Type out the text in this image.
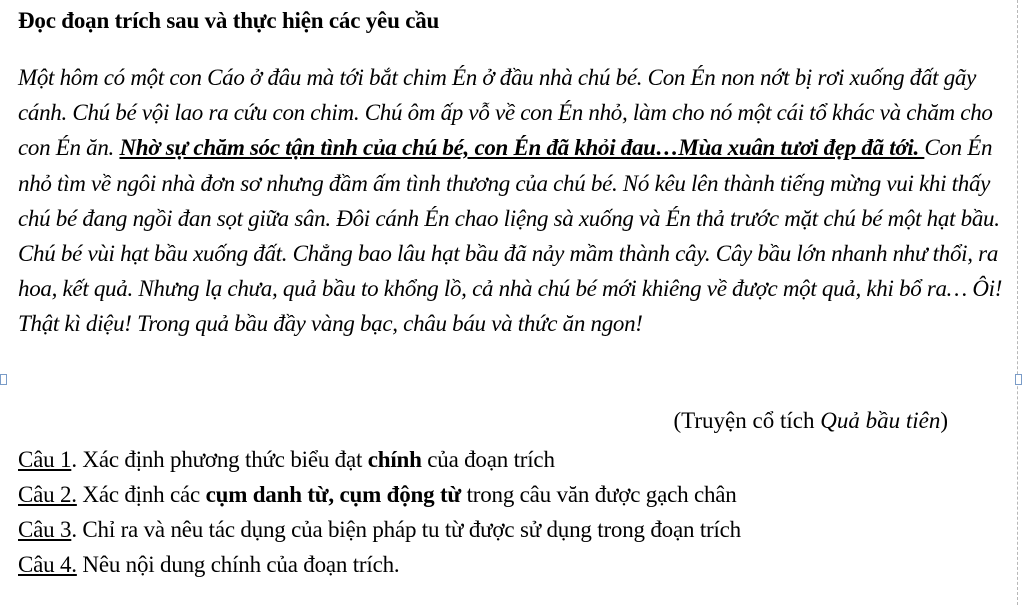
Đọc đoạn trích sau và thực hiện các yêu cầu
Một hôm có một con Cáo ở đâu mà tới bắt chim Én ở đầu nhà chú bé. Con Én non nớt bị rơi xuống đất gãy cánh. Chú bé vội lao ra cứu con chim. Chú ôm ấp vỗ về con Én nhỏ, làm cho nó một cái tổ khác và chăm cho con Én ăn. Nhờ sự chăm sóc tận tình của chú bé, con Én đã khỏi đau…Mùa xuân tươi đẹp đã tới. Con Én nhỏ tìm về ngôi nhà đơn sơ nhưng đầm ấm tình thương của chú bé. Nó kêu lên thành tiếng mừng vui khi thấy chú bé đang ngồi đan sọt giữa sân. Đôi cánh Én chao liệng sà xuống và Én thả trước mặt chú bé một hạt bầu. Chú bé vùi hạt bầu xuống đất. Chẳng bao lâu hạt bầu đã nảy mầm thành cây. Cây bầu lớn nhanh như thổi, ra hoa, kết quả. Nhưng lạ chưa, quả bầu to khổng lồ, cả nhà chú bé mới khiêng về được một quả, khi bổ ra… Ôi! Thật kì diệu! Trong quả bầu đầy vàng bạc, châu báu và thức ăn ngon!
(Truyện cổ tích Quả bầu tiên)
Câu 1. Xác định phương thức biểu đạt chính của đoạn trích
Câu 2. Xác định các cụm danh từ, cụm động từ trong câu văn được gạch chân
Câu 3. Chỉ ra và nêu tác dụng của biện pháp tu từ được sử dụng trong đoạn trích
Câu 4. Nêu nội dung chính của đoạn trích.
